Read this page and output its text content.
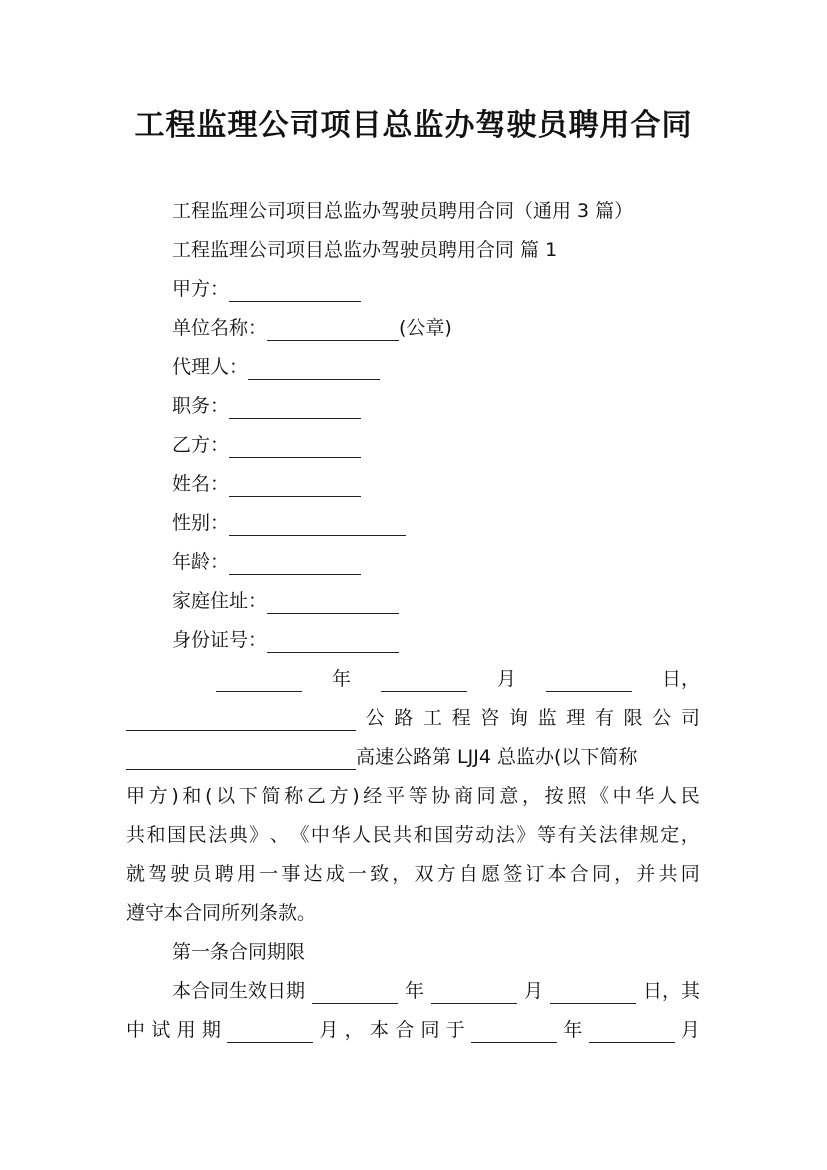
工程监理公司项目总监办驾驶员聘用合同
工程监理公司项目总监办驾驶员聘用合同（通用 3 篇）
工程监理公司项目总监办驾驶员聘用合同 篇 1
甲方：
单位名称：	(公章)
代理人：
职务：
乙方：
姓名：
性别：
年龄：
家庭住址：
身份证号：
年	月	日，
公 路 工 程 咨 询 监 理 有 限 公 司
高速公路第 LJJ4 总监办(以下简称
甲 方 ) 和 ( 以 下 简 称 乙 方 ) 经 平 等 协 商 同 意 ， 按 照 《 中 华 人 民
共 和 国 民 法 典 》 、 《 中 华 人 民 共 和 国 劳 动 法 》 等 有 关 法 律 规 定 ，
就 驾 驶 员 聘 用 一 事 达 成 一 致 ， 双 方 自 愿 签 订 本 合 同 ， 并 共 同
遵守本合同所列条款。
第一条合同期限
本合同生效日期	年	月	日，其
中 试 用 期	月 ， 本 合 同 于	年	月
